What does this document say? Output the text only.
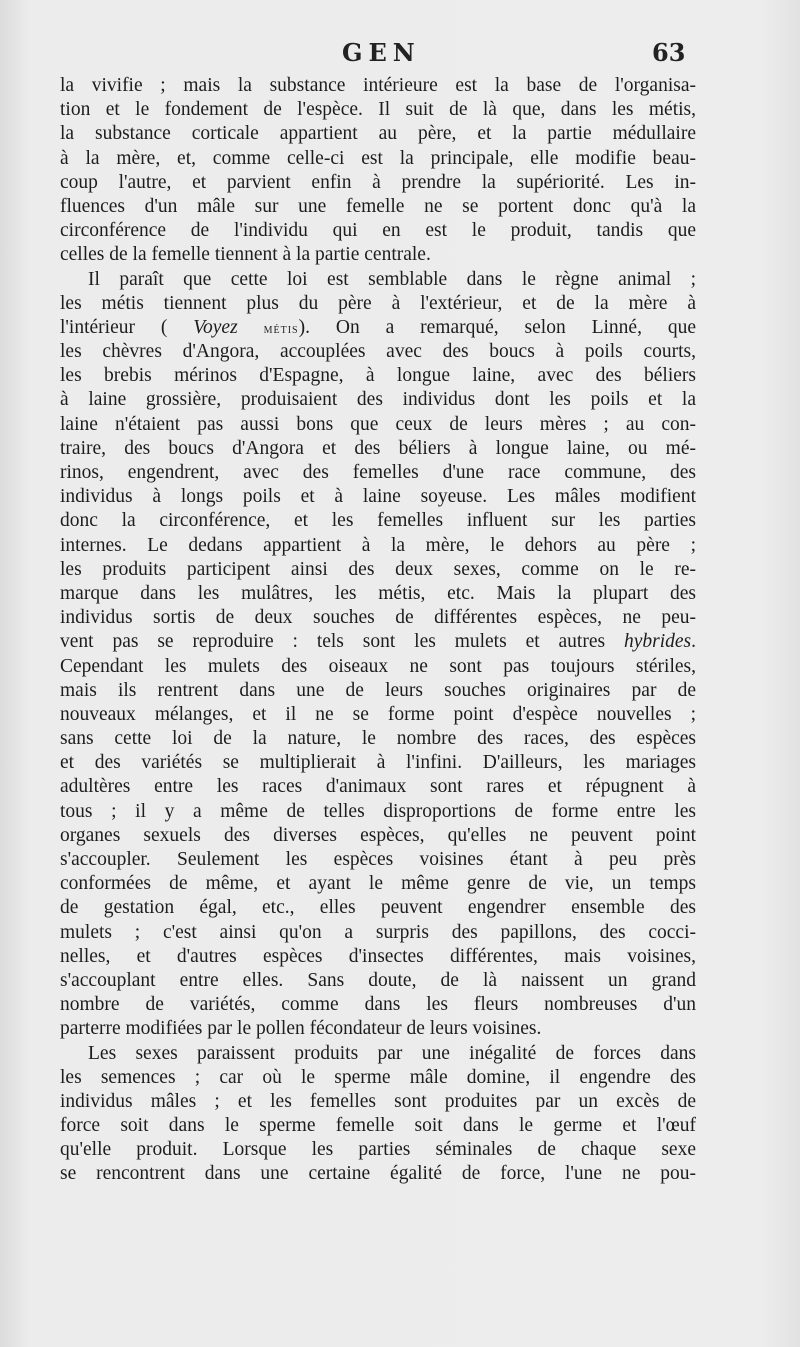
GEN	63
la vivifie ; mais la substance intérieure est la base de l'organisa-
tion et le fondement de l'espèce. Il suit de là que, dans les métis,
la substance corticale appartient au père, et la partie médullaire
à la mère, et, comme celle-ci est la principale, elle modifie beau-
coup l'autre, et parvient enfin à prendre la supériorité. Les in-
fluences d'un mâle sur une femelle ne se portent donc qu'à la
circonférence de l'individu qui en est le produit, tandis que
celles de la femelle tiennent à la partie centrale.
Il paraît que cette loi est semblable dans le règne animal ;
les métis tiennent plus du père à l'extérieur, et de la mère à
l'intérieur ( Voyez métis). On a remarqué, selon Linné, que
les chèvres d'Angora, accouplées avec des boucs à poils courts,
les brebis mérinos d'Espagne, à longue laine, avec des béliers
à laine grossière, produisaient des individus dont les poils et la
laine n'étaient pas aussi bons que ceux de leurs mères ; au con-
traire, des boucs d'Angora et des béliers à longue laine, ou mé-
rinos, engendrent, avec des femelles d'une race commune, des
individus à longs poils et à laine soyeuse. Les mâles modifient
donc la circonférence, et les femelles influent sur les parties
internes. Le dedans appartient à la mère, le dehors au père ;
les produits participent ainsi des deux sexes, comme on le re-
marque dans les mulâtres, les métis, etc. Mais la plupart des
individus sortis de deux souches de différentes espèces, ne peu-
vent pas se reproduire : tels sont les mulets et autres hybrides.
Cependant les mulets des oiseaux ne sont pas toujours stériles,
mais ils rentrent dans une de leurs souches originaires par de
nouveaux mélanges, et il ne se forme point d'espèce nouvelles ;
sans cette loi de la nature, le nombre des races, des espèces
et des variétés se multiplierait à l'infini. D'ailleurs, les mariages
adultères entre les races d'animaux sont rares et répugnent à
tous ; il y a même de telles disproportions de forme entre les
organes sexuels des diverses espèces, qu'elles ne peuvent point
s'accoupler. Seulement les espèces voisines étant à peu près
conformées de même, et ayant le même genre de vie, un temps
de gestation égal, etc., elles peuvent engendrer ensemble des
mulets ; c'est ainsi qu'on a surpris des papillons, des cocci-
nelles, et d'autres espèces d'insectes différentes, mais voisines,
s'accouplant entre elles. Sans doute, de là naissent un grand
nombre de variétés, comme dans les fleurs nombreuses d'un
parterre modifiées par le pollen fécondateur de leurs voisines.
Les sexes paraissent produits par une inégalité de forces dans
les semences ; car où le sperme mâle domine, il engendre des
individus mâles ; et les femelles sont produites par un excès de
force soit dans le sperme femelle soit dans le germe et l'œuf
qu'elle produit. Lorsque les parties séminales de chaque sexe
se rencontrent dans une certaine égalité de force, l'une ne pou-
